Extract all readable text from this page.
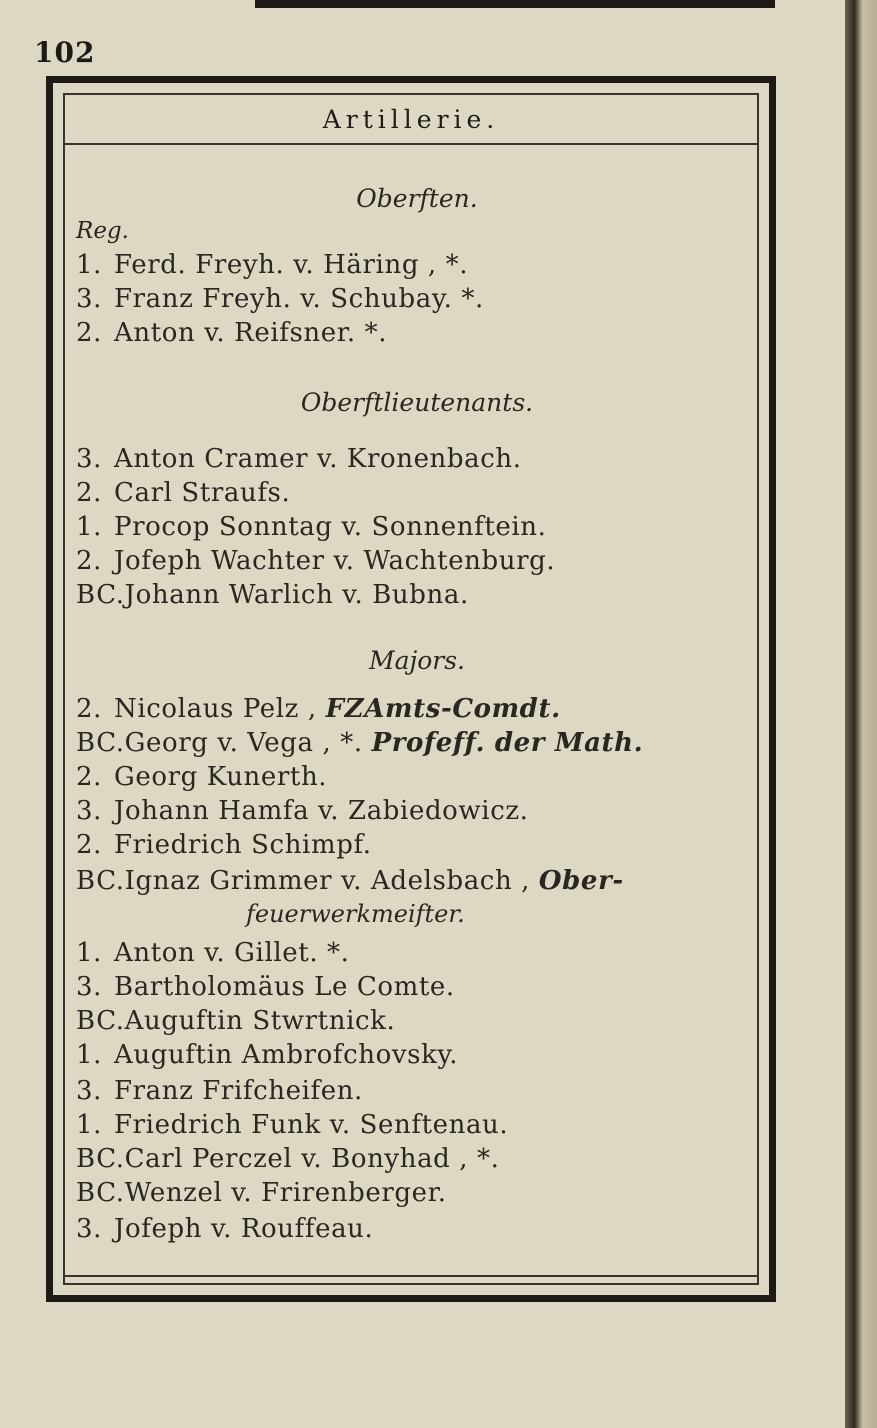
102
Artillerie.
Oberften.
Reg.
1. Ferd. Freyh. v. Häring , *.
3. Franz Freyh. v. Schubay. *.
2. Anton v. Reifsner. *.
Oberftlieutenants.
3. Anton Cramer v. Kronenbach.
2. Carl Straufs.
1. Procop Sonntag v. Sonnenftein.
2. Jofeph Wachter v. Wachtenburg.
BC.Johann Warlich v. Bubna.
Majors.
2. Nicolaus Pelz , FZAmts-Comdt.
BC.Georg v. Vega , *. Profeff. der Math.
2. Georg Kunerth.
3. Johann Hamfa v. Zabiedowicz.
2. Friedrich Schimpf.
BC.Ignaz Grimmer v. Adelsbach , Ober-
feuerwerkmeifter.
1. Anton v. Gillet. *.
3. Bartholomäus Le Comte.
BC.Auguftin Stwrtnick.
1. Auguftin Ambrofchovsky.
3. Franz Frifcheifen.
1. Friedrich Funk v. Senftenau.
BC.Carl Perczel v. Bonyhad , *.
BC.Wenzel v. Frirenberger.
3. Jofeph v. Rouffeau.
